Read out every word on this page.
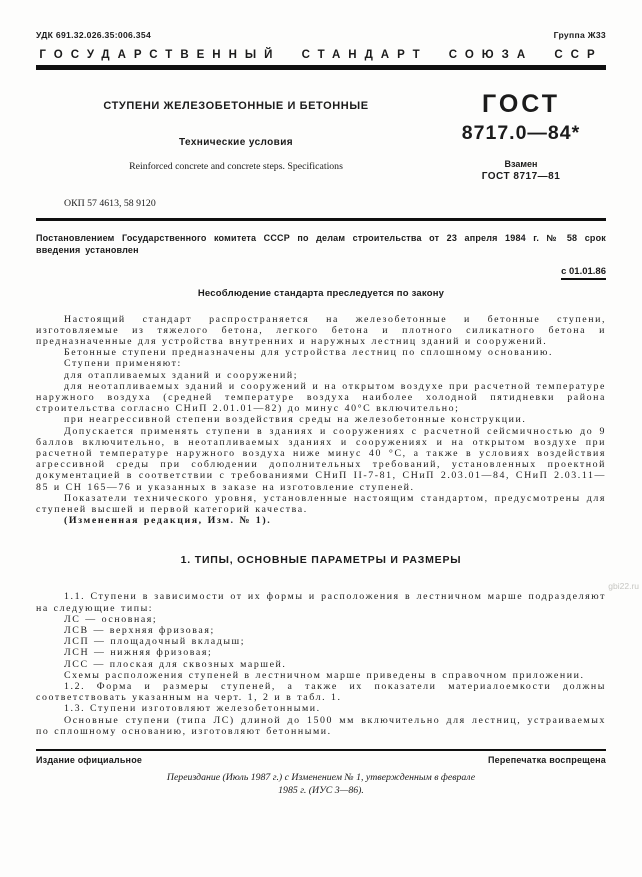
УДК 691.32.026.35:006.354	Группа Ж33
ГОСУДАРСТВЕННЫЙ СТАНДАРТ СОЮЗА ССР
СТУПЕНИ ЖЕЛЕЗОБЕТОННЫЕ И БЕТОННЫЕ
Технические условия
Reinforced concrete and concrete steps. Specifications
ГОСТ
8717.0—84*
Взамен
ГОСТ 8717—81
ОКП 57 4613, 58 9120
Постановлением Государственного комитета СССР по делам строительства от 23 апреля 1984 г. № 58 срок введения установлен
с 01.01.86
Несоблюдение стандарта преследуется по закону

Настоящий стандарт распространяется на железобетонные и бетонные ступени, изготовляемые из тяжелого бетона, легкого бетона и плотного силикатного бетона и предназначенные для устройства внутренних и наружных лестниц зданий и сооружений.

Бетонные ступени предназначены для устройства лестниц по сплошному основанию.

Ступени применяют:

для отапливаемых зданий и сооружений;

для неотапливаемых зданий и сооружений и на открытом воздухе при расчетной температуре наружного воздуха (средней температуре воздуха наиболее холодной пятидневки района строительства согласно СНиП 2.01.01—82) до минус 40°С включительно;

при неагрессивной степени воздействия среды на железобетонные конструкции.

Допускается применять ступени в зданиях и сооружениях с расчетной сейсмичностью до 9 баллов включительно, в неотапливаемых зданиях и сооружениях и на открытом воздухе при расчетной температуре наружного воздуха ниже минус 40 °С, а также в условиях воздействия агрессивной среды при соблюдении дополнительных требований, установленных проектной документацией в соответствии с требованиями СНиП II-7-81, СНиП 2.03.01—84, СНиП 2.03.11—85 и СН 165—76 и указанных в заказе на изготовление ступеней.

Показатели технического уровня, установленные настоящим стандартом, предусмотрены для ступеней высшей и первой категорий качества.

(Измененная редакция, Изм. № 1).

1. ТИПЫ, ОСНОВНЫЕ ПАРАМЕТРЫ И РАЗМЕРЫ

1.1. Ступени в зависимости от их формы и расположения в лестничном марше подразделяют на следующие типы:

ЛС — основная;

ЛСВ — верхняя фризовая;

ЛСП — площадочный вкладыш;

ЛСН — нижняя фризовая;

ЛСС — плоская для сквозных маршей.

Схемы расположения ступеней в лестничном марше приведены в справочном приложении.

1.2. Форма и размеры ступеней, а также их показатели материалоемкости должны соответствовать указанным на черт. 1, 2 и в табл. 1.

1.3. Ступени изготовляют железобетонными.

Основные ступени (типа ЛС) длиной до 1500 мм включительно для лестниц, устраиваемых по сплошному основанию, изготовляют бетонными.

Издание официальное	Перепечатка воспрещена
Переиздание (Июль 1987 г.) с Изменением № 1, утвержденным в феврале 1985 г. (ИУС 3—86).
gbi22.ru
